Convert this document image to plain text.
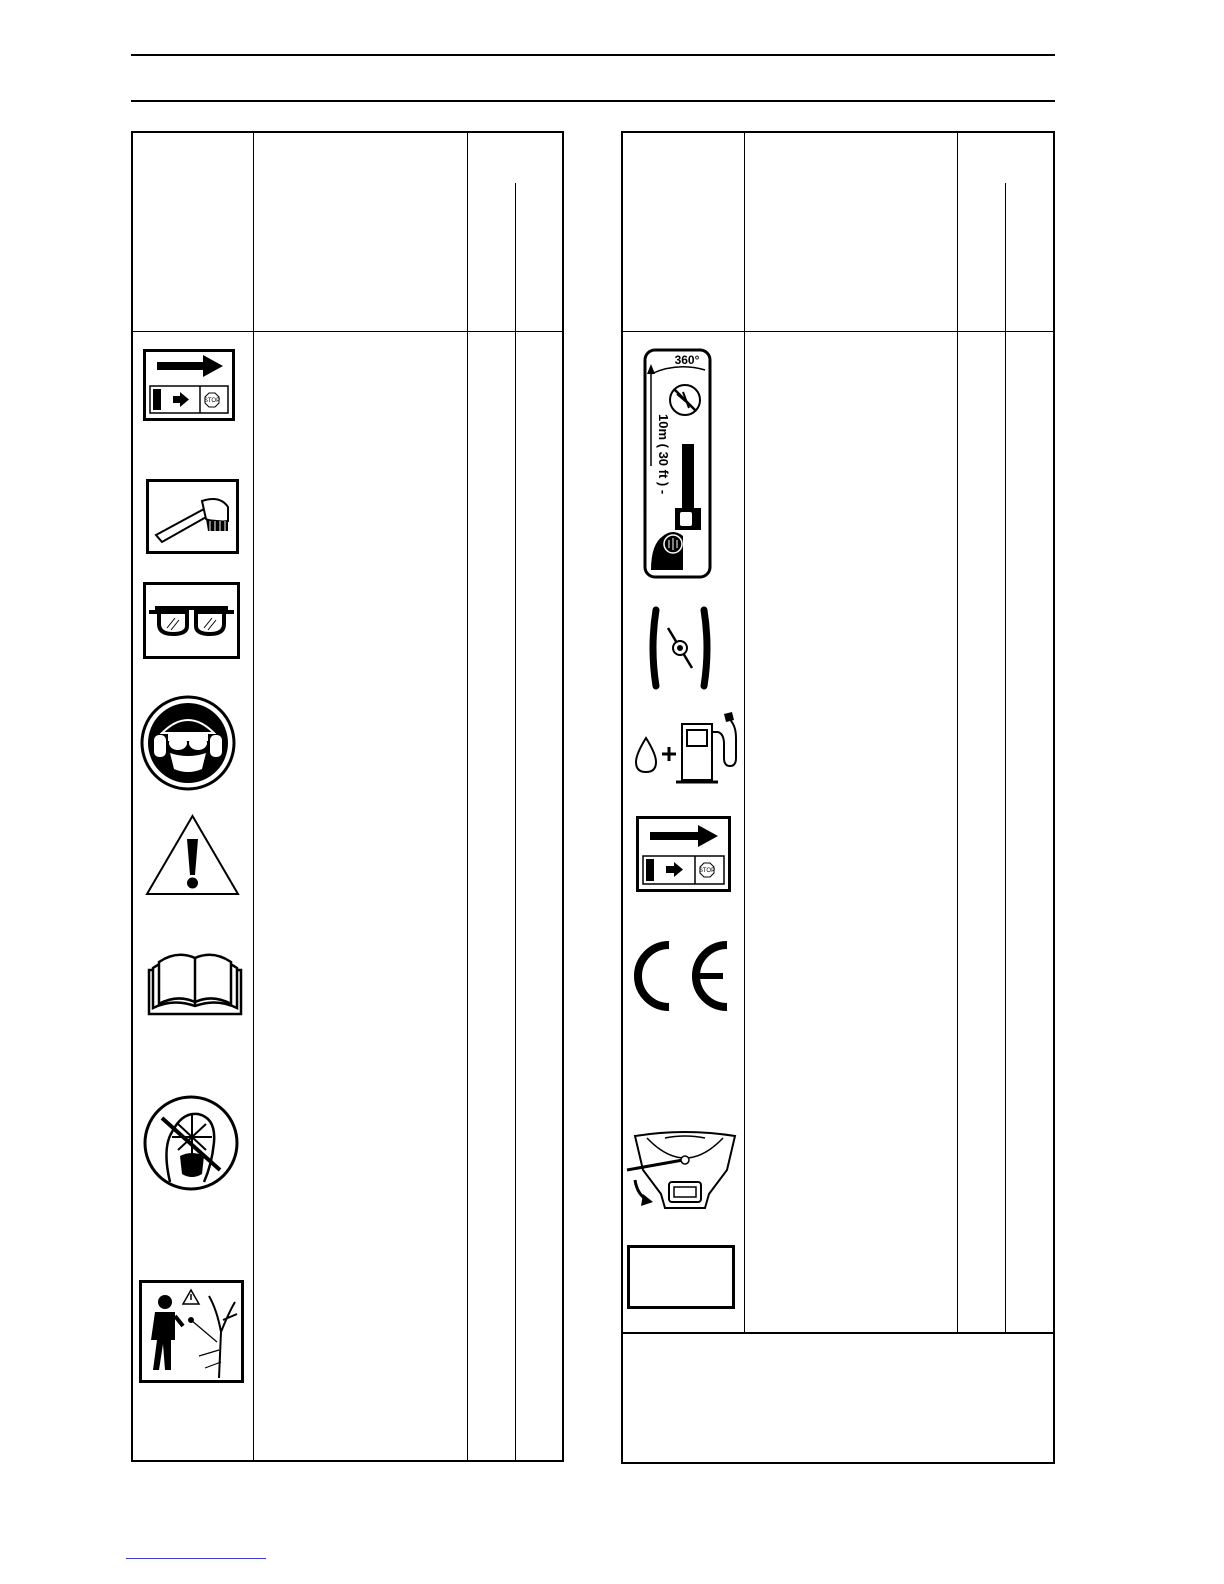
STOP
360°
10m ( 30 ft ) -
STOP
